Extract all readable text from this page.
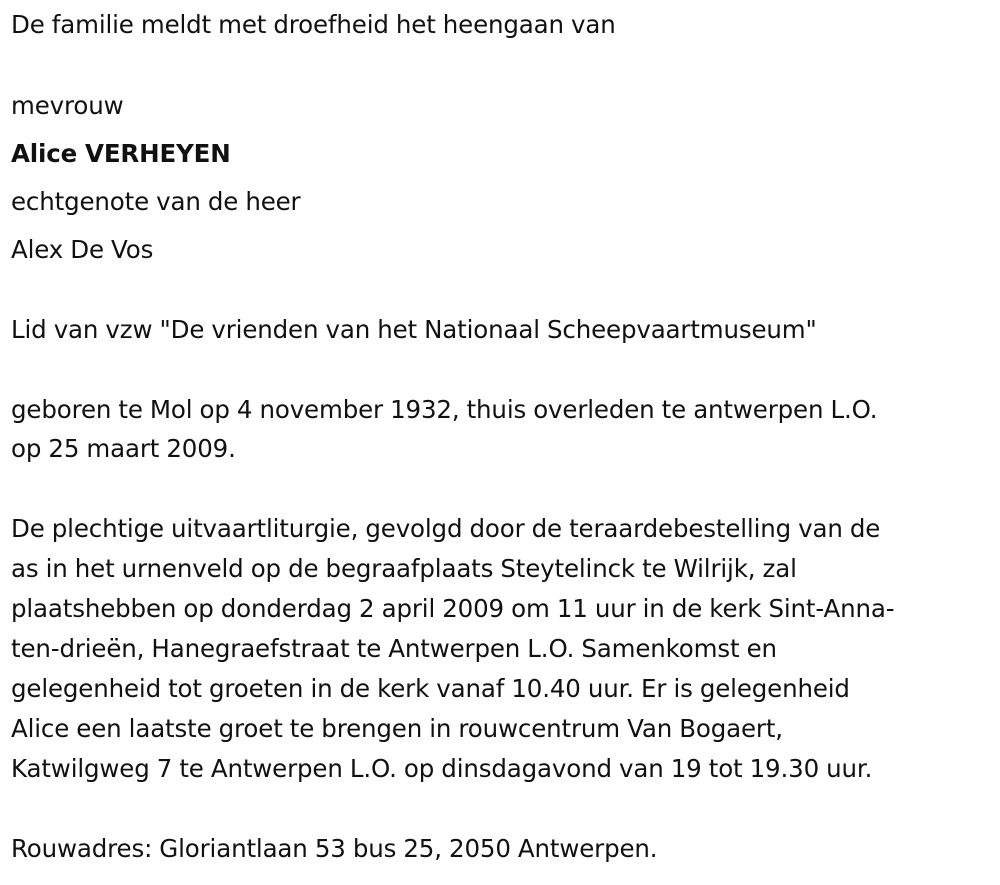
De familie meldt met droefheid het heengaan van
mevrouw
Alice VERHEYEN
echtgenote van de heer
Alex De Vos
Lid van vzw "De vrienden van het Nationaal Scheepvaartmuseum"
geboren te Mol op 4 november 1932, thuis overleden te antwerpen L.O.
op 25 maart 2009.
De plechtige uitvaartliturgie, gevolgd door de teraardebestelling van de
as in het urnenveld op de begraafplaats Steytelinck te Wilrijk, zal
plaatshebben op donderdag 2 april 2009 om 11 uur in de kerk Sint-Anna-
ten-drieën, Hanegraefstraat te Antwerpen L.O. Samenkomst en
gelegenheid tot groeten in de kerk vanaf 10.40 uur. Er is gelegenheid
Alice een laatste groet te brengen in rouwcentrum Van Bogaert,
Katwilgweg 7 te Antwerpen L.O. op dinsdagavond van 19 tot 19.30 uur.
Rouwadres: Gloriantlaan 53 bus 25, 2050 Antwerpen.
